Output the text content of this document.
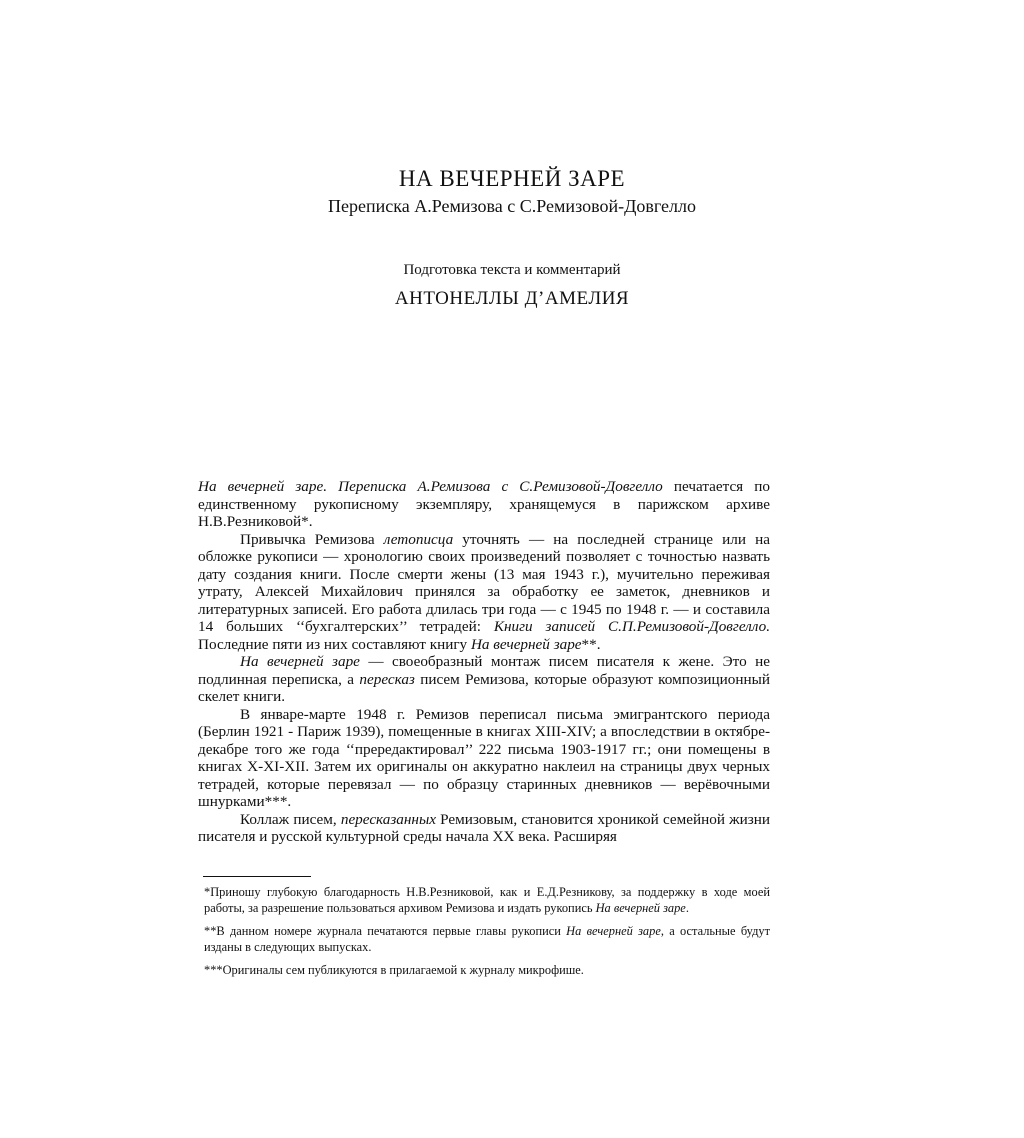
НА ВЕЧЕРНЕЙ ЗАРЕ
Переписка А.Ремизова с С.Ремизовой-Довгелло
Подготовка текста и комментарий
АНТОНЕЛЛЫ Д’АМЕЛИЯ

На вечерней заре. Переписка А.Ремизова с С.Ремизовой-Довгелло печатается по единственному рукописному экземпляру, хранящемуся в парижском архиве Н.В.Резниковой*.

Привычка Ремизова летописца уточнять — на последней странице или на обложке рукописи — хронологию своих произведений позволяет с точностью назвать дату создания книги. После смерти жены (13 мая 1943 г.), мучительно переживая утрату, Алексей Михайлович принялся за обработку ее заметок, дневников и литературных записей. Его работа длилась три года — с 1945 по 1948 г. — и составила 14 больших ‘‘бухгалтерских’’ тетрадей: Книги записей С.П.Ремизовой-Довгелло. Последние пяти из них составляют книгу На вечерней заре**.

На вечерней заре — своеобразный монтаж писем писателя к жене. Это не подлинная переписка, а пересказ писем Ремизова, которые образуют композиционный скелет книги.

В январе-марте 1948 г. Ремизов переписал письма эмигрантского периода (Берлин 1921 - Париж 1939), помещенные в книгах XIII-XIV; а впоследствии в октябре-декабре того же года ‘‘прередактировал’’ 222 письма 1903-1917 гг.; они помещены в книгах X-XI-XII. Затем их оригиналы он аккуратно наклеил на страницы двух черных тетрадей, которые перевязал — по образцу старинных дневников — верёвочными шнурками***.

Коллаж писем, пересказанных Ремизовым, становится хроникой семейной жизни писателя и русской культурной среды начала XX века. Расширяя

*Приношу глубокую благодарность Н.В.Резниковой, как и Е.Д.Резникову, за поддержку в ходе моей работы, за разрешение пользоваться архивом Ремизова и издать рукопись На вечерней заре.

**В данном номере журнала печатаются первые главы рукописи На вечерней заре, а остальные будут изданы в следующих выпусках.

***Оригиналы сем публикуются в прилагаемой к журналу микрофише.
